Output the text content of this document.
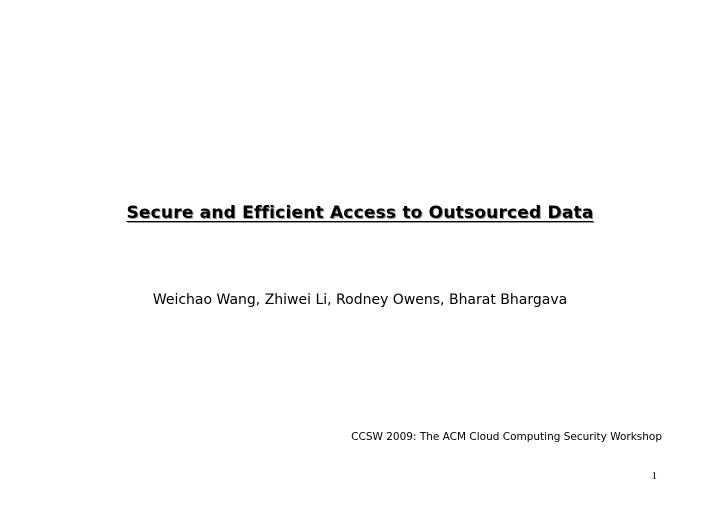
Secure and Efficient Access to Outsourced Data
Weichao Wang, Zhiwei Li, Rodney Owens, Bharat Bhargava
CCSW 2009: The ACM Cloud Computing Security Workshop
1
